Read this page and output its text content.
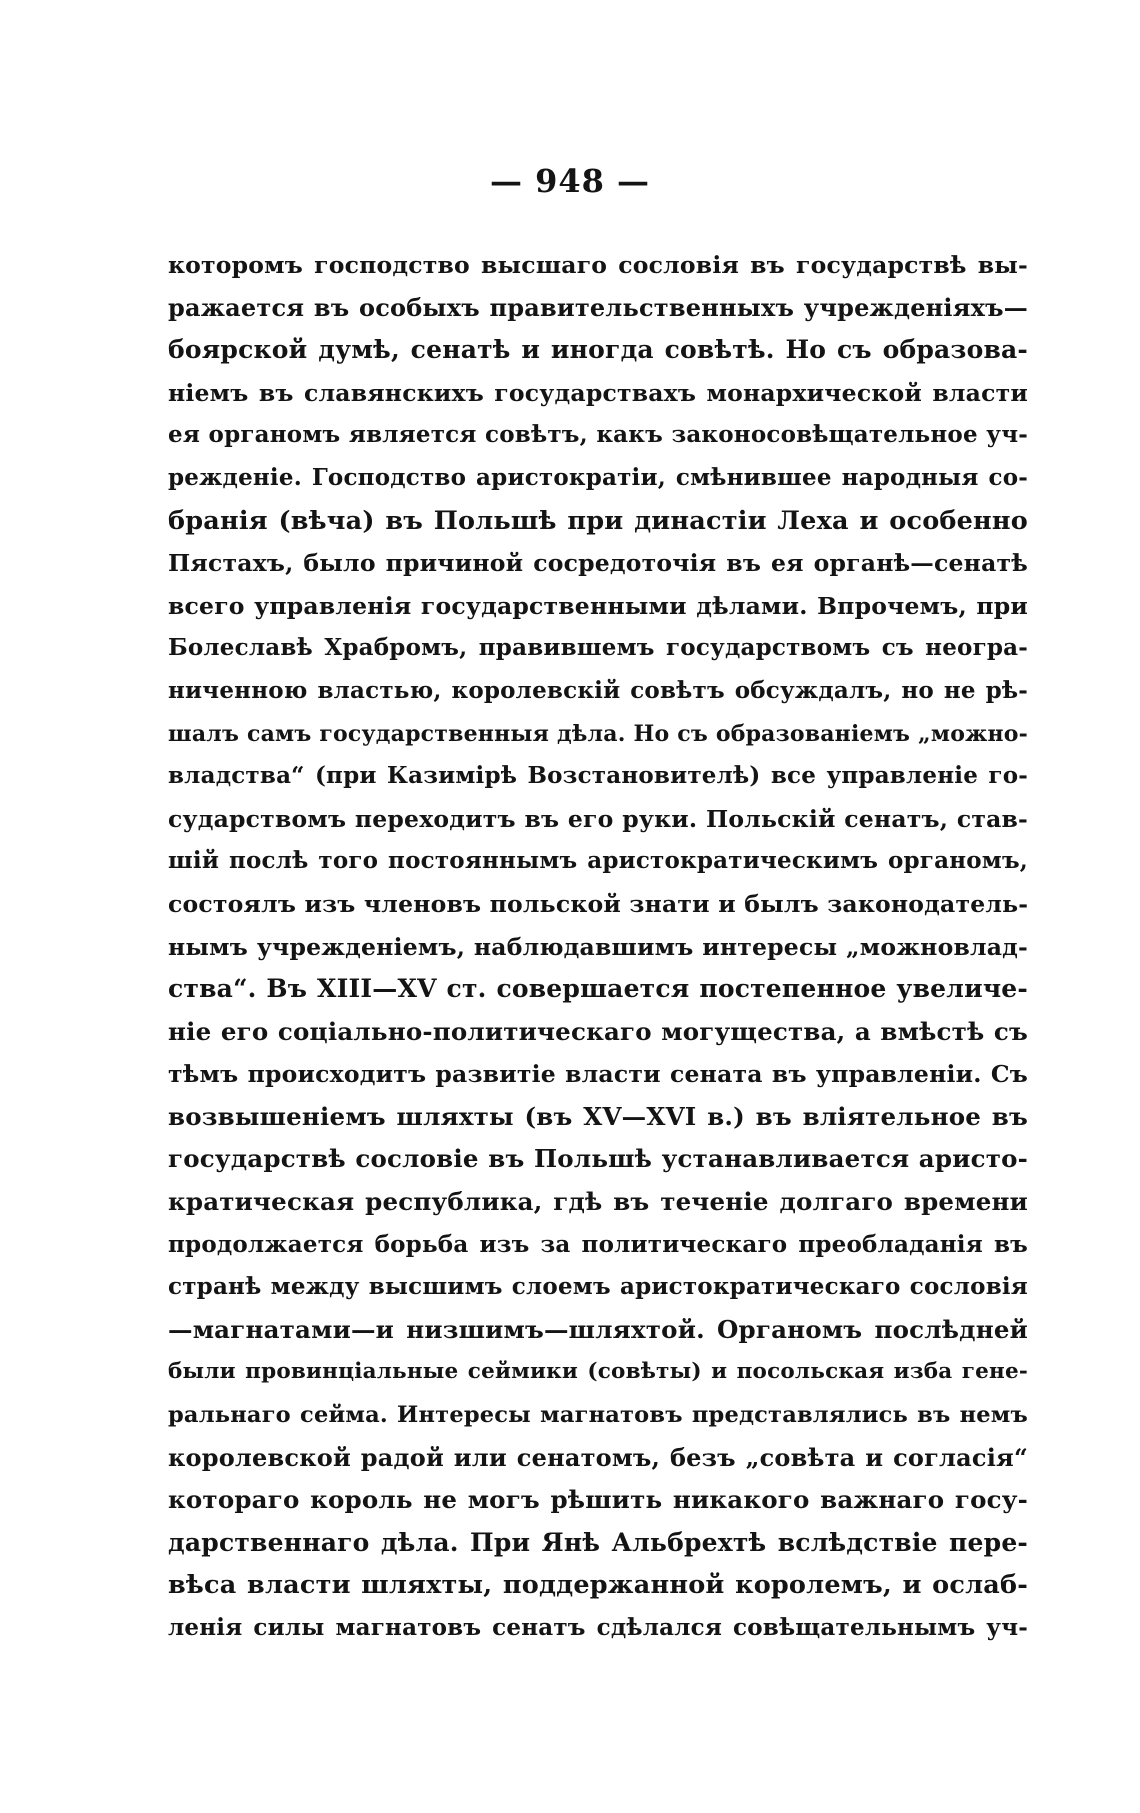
— 948 —
которомъ господство высшаго сословія въ государствѣ вы-
ражается въ особыхъ правительственныхъ учрежденіяхъ—
боярской думѣ, сенатѣ и иногда совѣтѣ. Но съ образова-
ніемъ въ славянскихъ государствахъ монархической власти
ея органомъ является совѣтъ, какъ законосовѣщательное уч-
режденіе. Господство аристократіи, смѣнившее народныя со-
бранія (вѣча) въ Польшѣ при династіи Леха и особенно
Пястахъ, было причиной сосредоточія въ ея органѣ—сенатѣ
всего управленія государственными дѣлами. Впрочемъ, при
Болеславѣ Храбромъ, правившемъ государствомъ съ неогра-
ниченною властью, королевскій совѣтъ обсуждалъ, но не рѣ-
шалъ самъ государственныя дѣла. Но съ образованіемъ „можно-
владства“ (при Казимірѣ Возстановителѣ) все управленіе го-
сударствомъ переходитъ въ его руки. Польскій сенатъ, став-
шій послѣ того постояннымъ аристократическимъ органомъ,
состоялъ изъ членовъ польской знати и былъ законодатель-
нымъ учрежденіемъ, наблюдавшимъ интересы „можновлад-
ства“. Въ XIII—XV ст. совершается постепенное увеличе-
ніе его соціально-политическаго могущества, а вмѣстѣ съ
тѣмъ происходитъ развитіе власти сената въ управленіи. Съ
возвышеніемъ шляхты (въ XV—XVI в.) въ вліятельное въ
государствѣ сословіе въ Польшѣ устанавливается аристо-
кратическая республика, гдѣ въ теченіе долгаго времени
продолжается борьба изъ за политическаго преобладанія въ
странѣ между высшимъ слоемъ аристократическаго сословія
—магнатами—и низшимъ—шляхтой. Органомъ послѣдней
были провинціальные сеймики (совѣты) и посольская изба гене-
ральнаго сейма. Интересы магнатовъ представлялись въ немъ
королевской радой или сенатомъ, безъ „совѣта и согласія“
котораго король не могъ рѣшить никакого важнаго госу-
дарственнаго дѣла. При Янѣ Альбрехтѣ вслѣдствіе пере-
вѣса власти шляхты, поддержанной королемъ, и ослаб-
ленія силы магнатовъ сенатъ сдѣлался совѣщательнымъ уч-
